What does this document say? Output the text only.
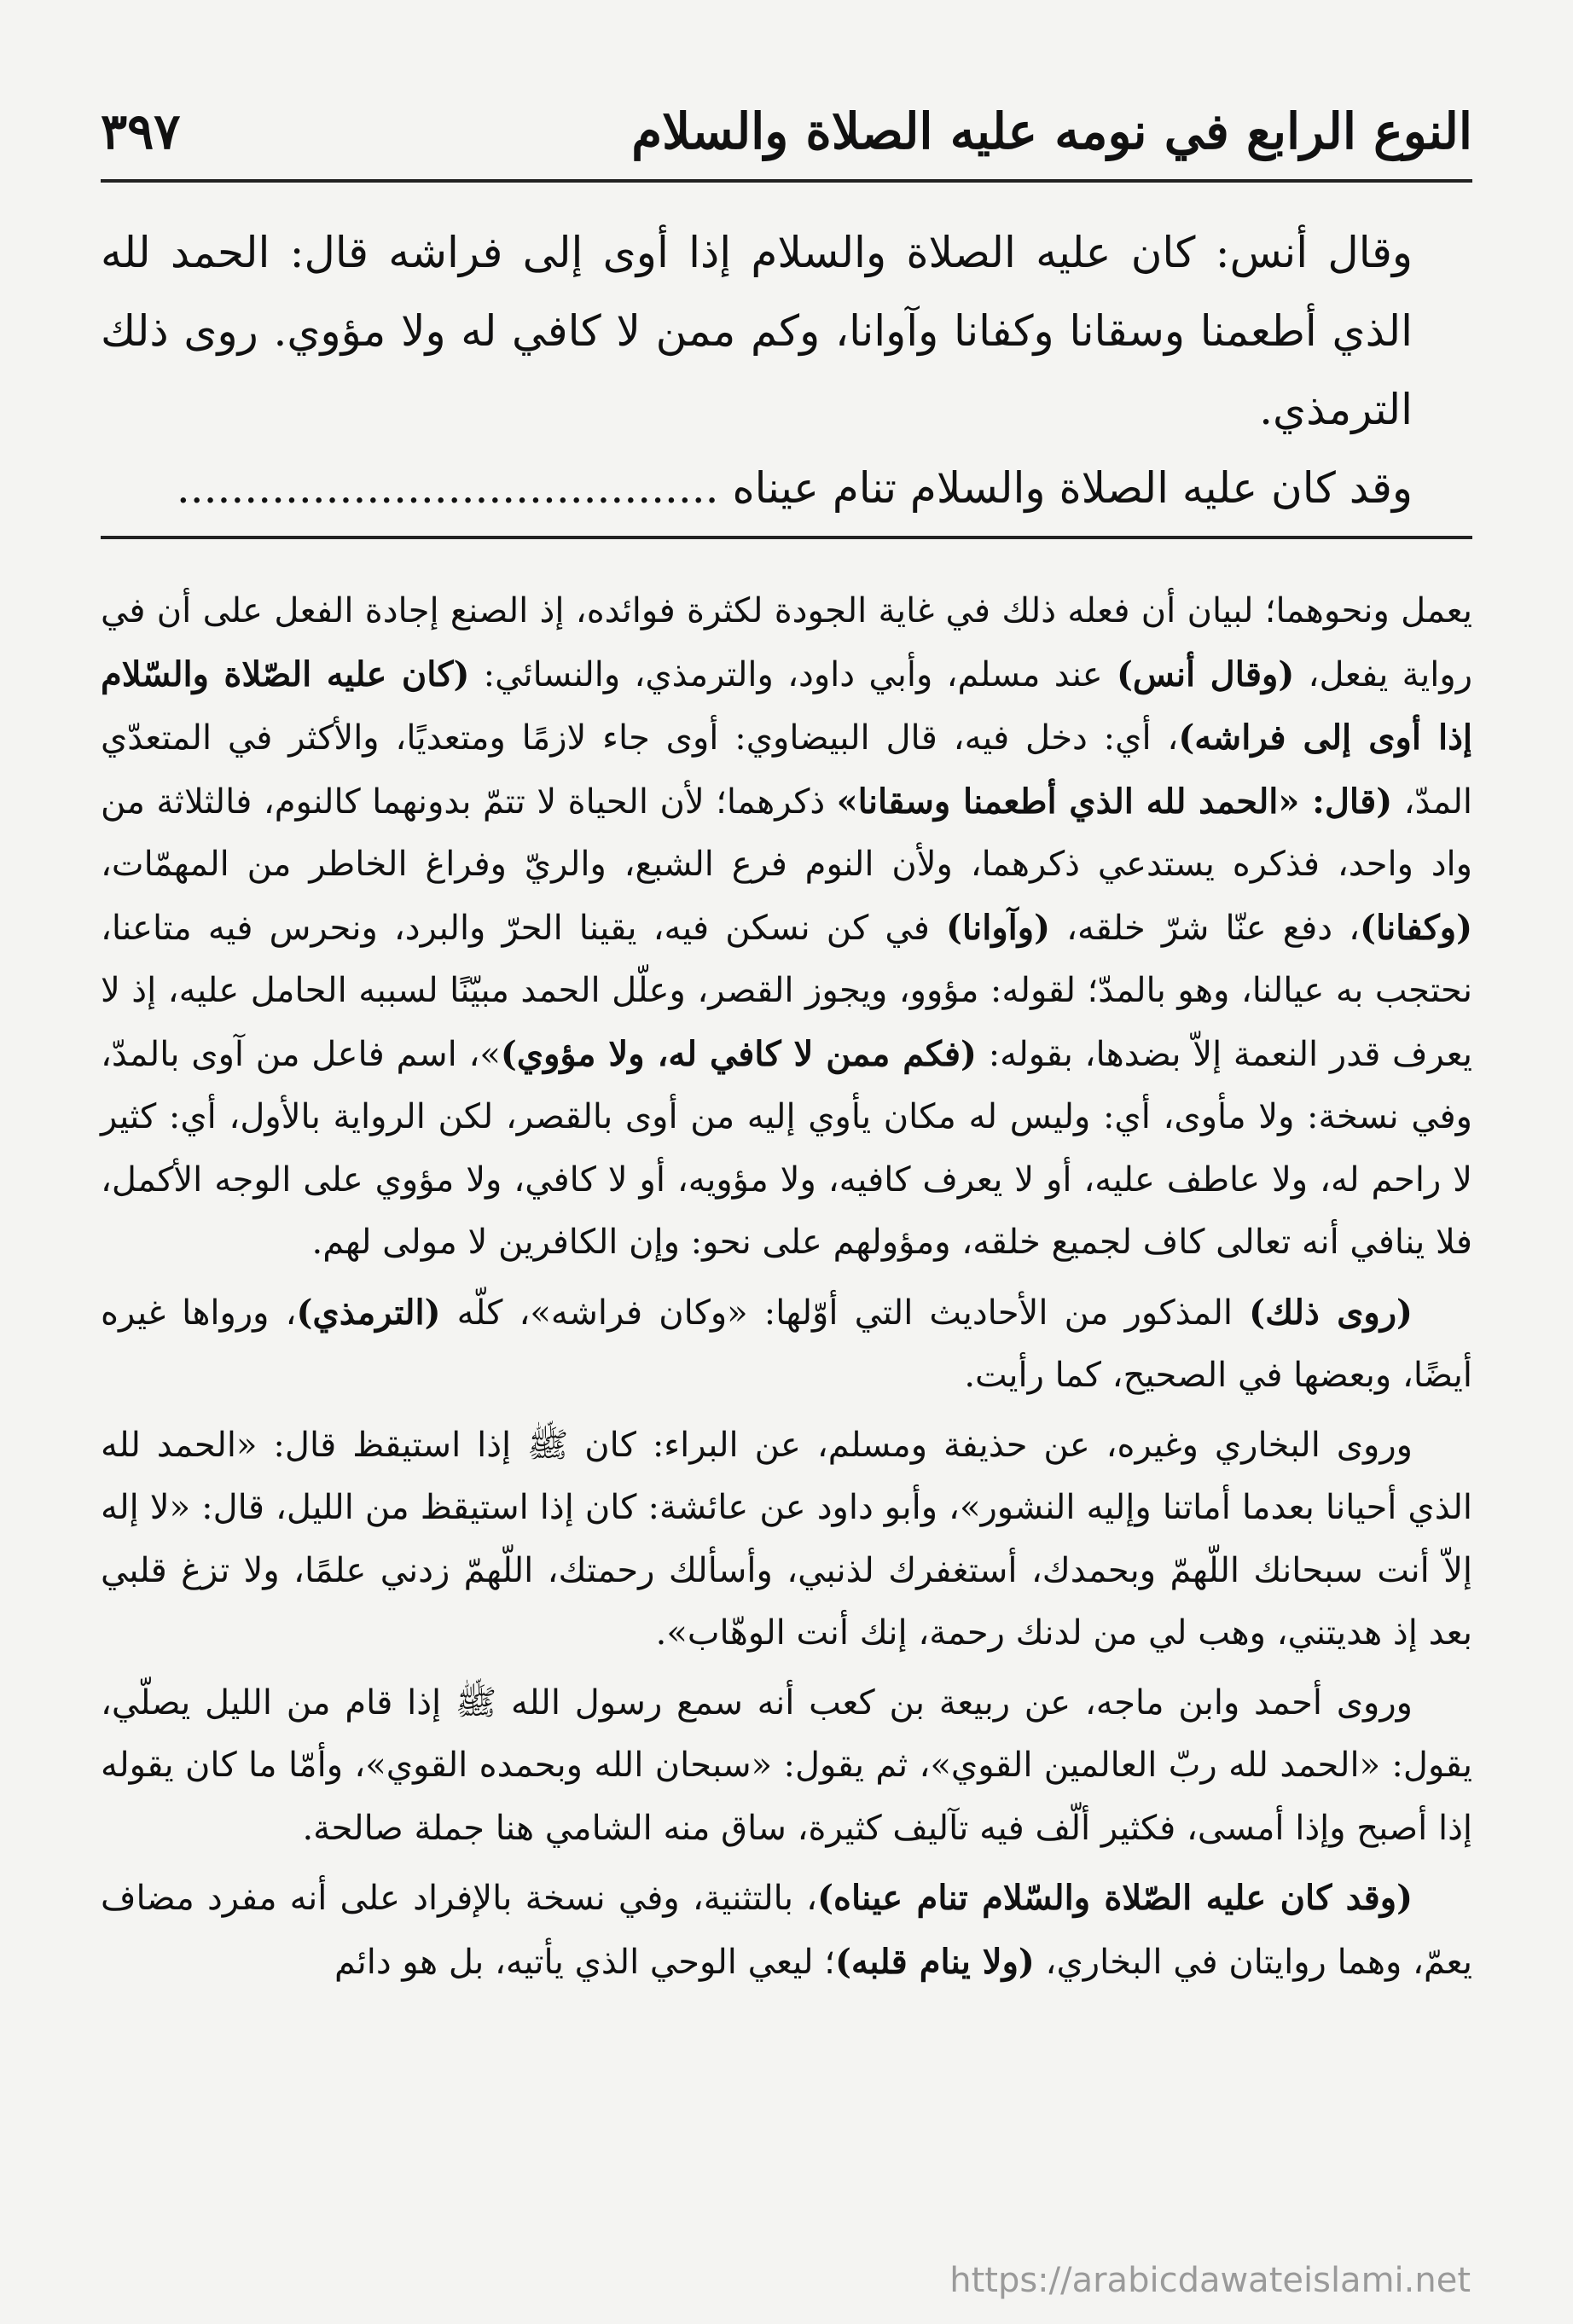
النوع الرابع في نومه عليه الصلاة والسلام
٣٩٧

وقال أنس: كان عليه الصلاة والسلام إذا أوى إلى فراشه قال: الحمد لله الذي أطعمنا وسقانا وكفانا وآوانا، وكم ممن لا كافي له ولا مؤوي. روى ذلك الترمذي.

وقد كان عليه الصلاة والسلام تنام عيناه ........................................

يعمل ونحوهما؛ لبيان أن فعله ذلك في غاية الجودة لكثرة فوائده، إذ الصنع إجادة الفعل على أن في رواية يفعل، (وقال أنس) عند مسلم، وأبي داود، والترمذي، والنسائي: (كان عليه الصّلاة والسّلام إذا أوى إلى فراشه)، أي: دخل فيه، قال البيضاوي: أوى جاء لازمًا ومتعديًا، والأكثر في المتعدّي المدّ، (قال: «الحمد لله الذي أطعمنا وسقانا» ذكرهما؛ لأن الحياة لا تتمّ بدونهما كالنوم، فالثلاثة من واد واحد، فذكره يستدعي ذكرهما، ولأن النوم فرع الشبع، والريّ وفراغ الخاطر من المهمّات، (وكفانا)، دفع عنّا شرّ خلقه، (وآوانا) في كن نسكن فيه، يقينا الحرّ والبرد، ونحرس فيه متاعنا، نحتجب به عيالنا، وهو بالمدّ؛ لقوله: مؤوو، ويجوز القصر، وعلّل الحمد مبيّنًا لسببه الحامل عليه، إذ لا يعرف قدر النعمة إلاّ بضدها، بقوله: (فكم ممن لا كافي له، ولا مؤوي)»، اسم فاعل من آوى بالمدّ، وفي نسخة: ولا مأوى، أي: وليس له مكان يأوي إليه من أوى بالقصر، لكن الرواية بالأول، أي: كثير لا راحم له، ولا عاطف عليه، أو لا يعرف كافيه، ولا مؤويه، أو لا كافي، ولا مؤوي على الوجه الأكمل، فلا ينافي أنه تعالى كاف لجميع خلقه، ومؤولهم على نحو: وإن الكافرين لا مولى لهم.

(روى ذلك) المذكور من الأحاديث التي أوّلها: «وكان فراشه»، كلّه (الترمذي)، ورواها غيره أيضًا، وبعضها في الصحيح، كما رأيت.

وروى البخاري وغيره، عن حذيفة ومسلم، عن البراء: كان ﷺ إذا استيقظ قال: «الحمد لله الذي أحيانا بعدما أماتنا وإليه النشور»، وأبو داود عن عائشة: كان إذا استيقظ من الليل، قال: «لا إله إلاّ أنت سبحانك اللّهمّ وبحمدك، أستغفرك لذنبي، وأسألك رحمتك، اللّهمّ زدني علمًا، ولا تزغ قلبي بعد إذ هديتني، وهب لي من لدنك رحمة، إنك أنت الوهّاب».

وروى أحمد وابن ماجه، عن ربيعة بن كعب أنه سمع رسول الله ﷺ إذا قام من الليل يصلّي، يقول: «الحمد لله ربّ العالمين القوي»، ثم يقول: «سبحان الله وبحمده القوي»، وأمّا ما كان يقوله إذا أصبح وإذا أمسى، فكثير ألّف فيه تآليف كثيرة، ساق منه الشامي هنا جملة صالحة.

(وقد كان عليه الصّلاة والسّلام تنام عيناه)، بالتثنية، وفي نسخة بالإفراد على أنه مفرد مضاف يعمّ، وهما روايتان في البخاري، (ولا ينام قلبه)؛ ليعي الوحي الذي يأتيه، بل هو دائم

https://arabicdawateislami.net
